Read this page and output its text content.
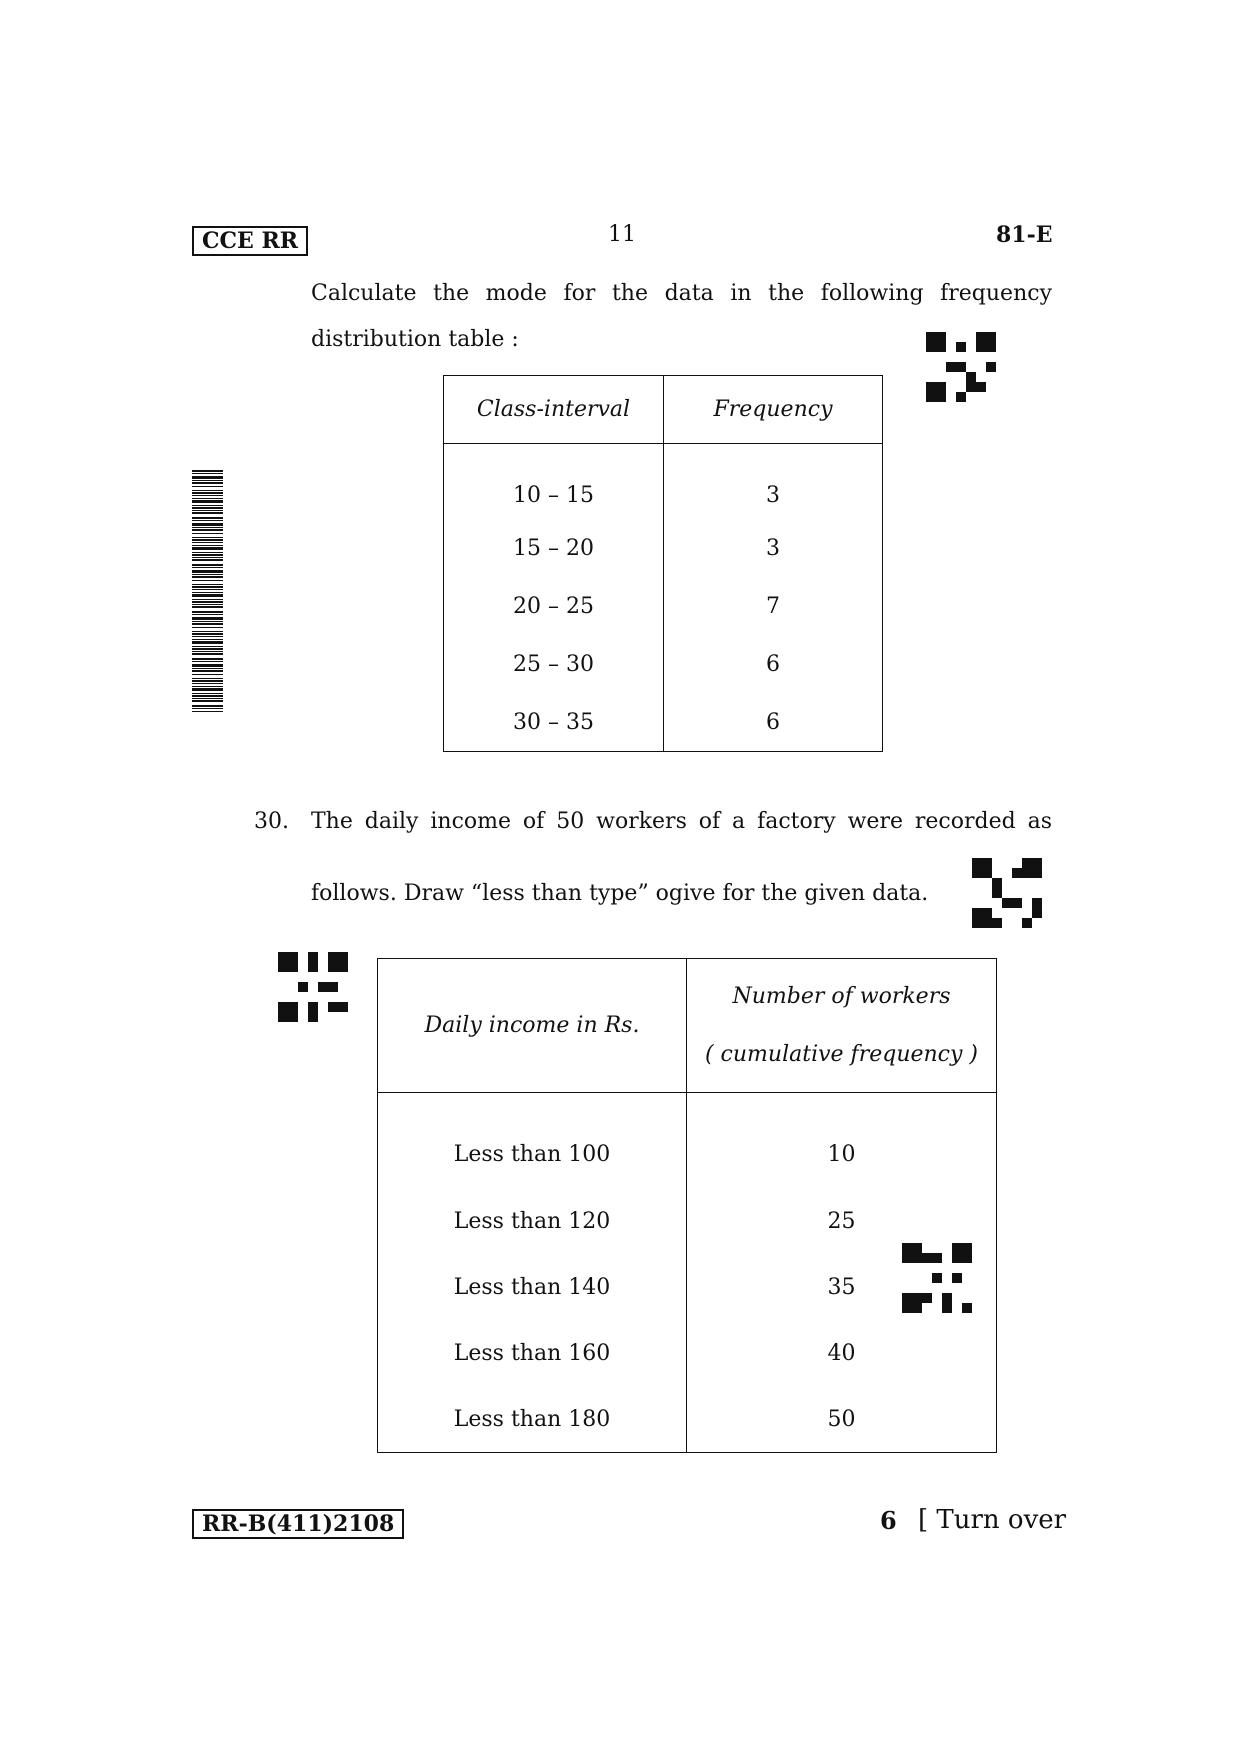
CCE RR	11	81-E
Calculate the mode for the data in the following frequency
distribution table :
Class-interval	Frequency
10 – 15	3
15 – 20	3
20 – 25	7
25 – 30	6
30 – 35	6
30. The daily income of 50 workers of a factory were recorded as
follows. Draw “less than type” ogive for the given data.
Daily income in Rs.	Number of workers
( cumulative frequency )

Less than 100	10
Less than 120	25
Less than 140	35
Less than 160	40
Less than 180	50
RR-B(411)2108	6 [ Turn over
